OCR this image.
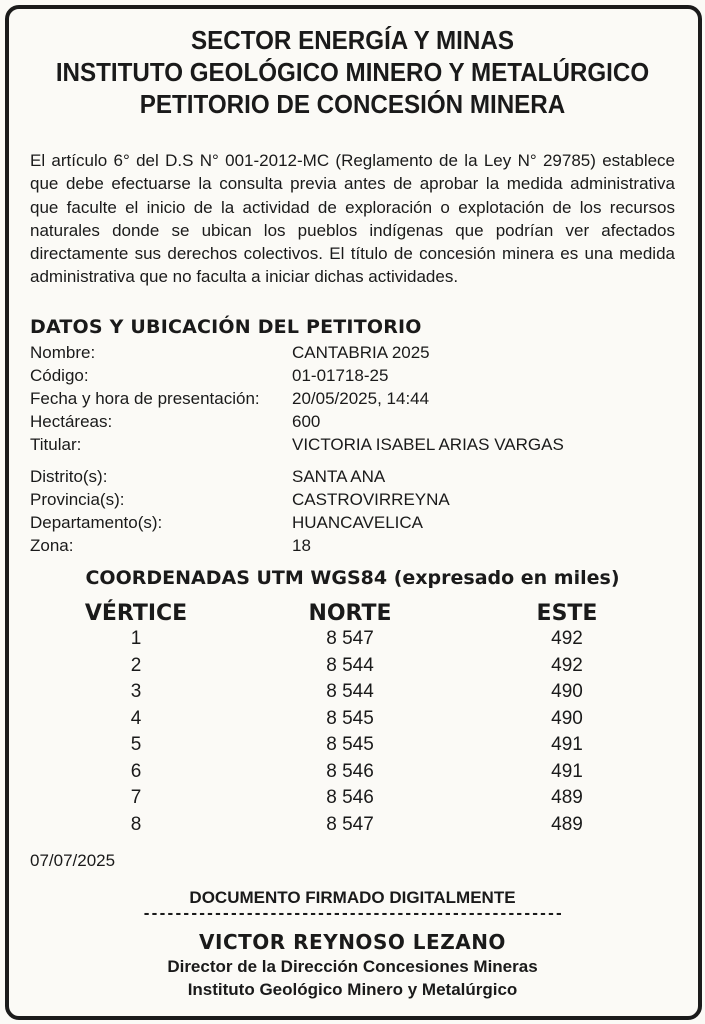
SECTOR ENERGÍA Y MINAS
INSTITUTO GEOLÓGICO MINERO Y METALÚRGICO
PETITORIO DE CONCESIÓN MINERA
El artículo 6° del D.S N° 001-2012-MC (Reglamento de la Ley N° 29785) establece que debe efectuarse la consulta previa antes de aprobar la medida administrativa que faculte el inicio de la actividad de exploración o explotación de los recursos naturales donde se ubican los pueblos indígenas que podrían ver afectados directamente sus derechos colectivos. El título de concesión minera es una medida administrativa que no faculta a iniciar dichas actividades.
DATOS Y UBICACIÓN DEL PETITORIO
Nombre:	CANTABRIA 2025
Código:	01-01718-25
Fecha y hora de presentación: 20/05/2025, 14:44
Hectáreas:	600
Titular:	VICTORIA ISABEL ARIAS VARGAS
Distrito(s):	SANTA ANA
Provincia(s):	CASTROVIRREYNA
Departamento(s):	HUANCAVELICA
Zona:	18
COORDENADAS UTM WGS84 (expresado en miles)
VÉRTICE	NORTE	ESTE
1	8 547	492
2	8 544	492
3	8 544	490
4	8 545	490
5	8 545	491
6	8 546	491
7	8 546	489
8	8 547	489
07/07/2025
DOCUMENTO FIRMADO DIGITALMENTE
-----------------------------------------------------
VICTOR REYNOSO LEZANO
Director de la Dirección Concesiones Mineras
Instituto Geológico Minero y Metalúrgico
